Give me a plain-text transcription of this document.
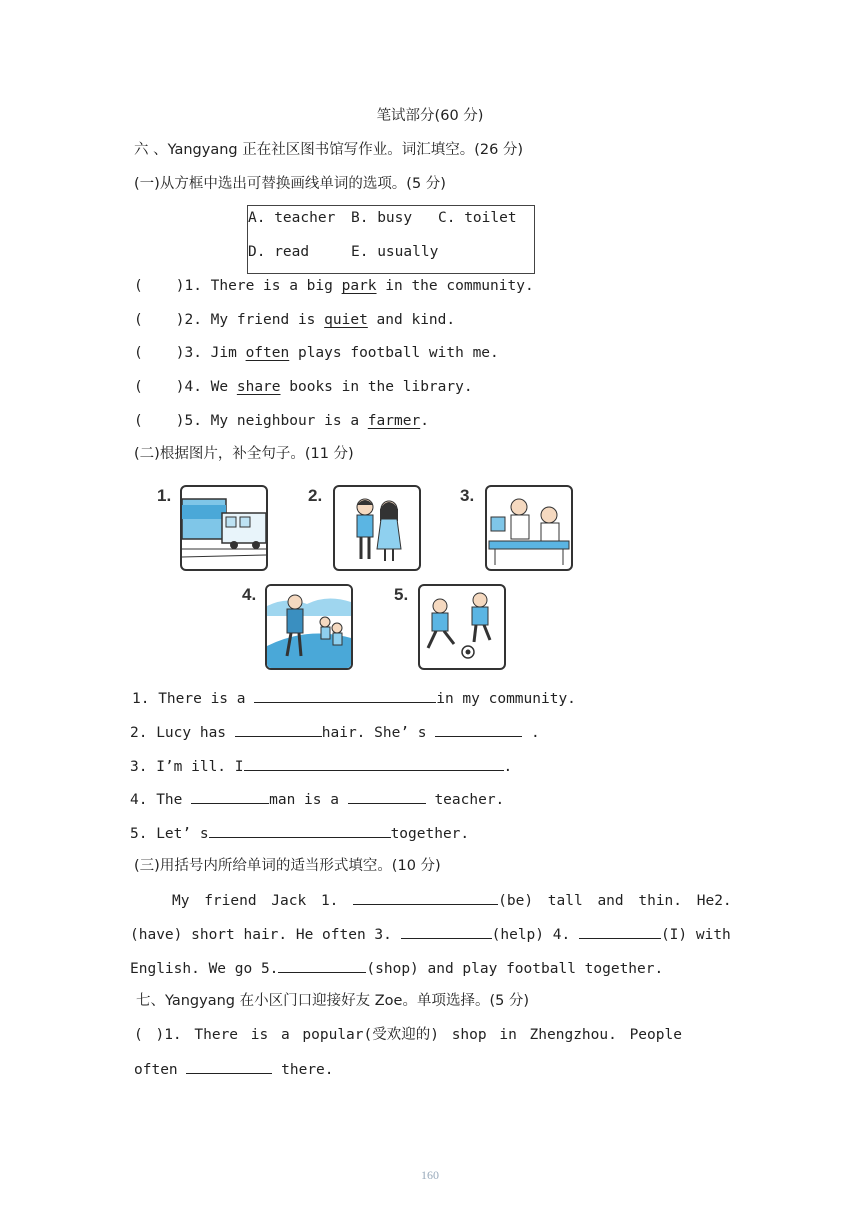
笔试部分(60 分)
六 、Yangyang 正在社区图书馆写作业。词汇填空。(26 分)
(一)从方框中选出可替换画线单词的选项。(5 分)
A. teacher B. busy C. toilet
D. read	E. usually
( )1. There is a big park in the community.
( )2. My friend is quiet and kind.
( )3. Jim often plays football with me.
( )4. We share books in the library.
( )5. My neighbour is a farmer.
(二)根据图片，补全句子。(11 分)
1.	2.	3.
4.	5.
1. There is a	in my community.
2. Lucy has	hair. She’ s	.
3. I’m ill. I	.
4. The	man is a	teacher.
5. Let’ s	together.
(三)用括号内所给单词的适当形式填空。(10 分)
My friend Jack 1.	(be) tall and thin. He2.
(have) short hair. He often 3.	(help) 4.	(I) with
English. We go 5.	(shop) and play football together.
七、Yangyang 在小区门口迎接好友 Zoe。单项选择。(5 分)
( )1. There is a popular(受欢迎的) shop in Zhengzhou. People
often	there.
160
